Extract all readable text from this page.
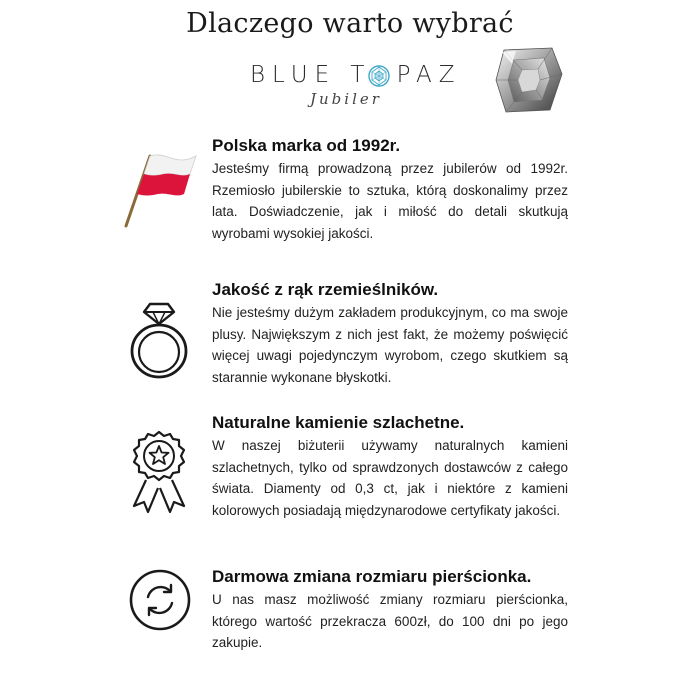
Dlaczego warto wybrać
BLUE T PAZ
Jubiler
Polska marka od 1992r.

Jesteśmy firmą prowadzoną przez jubilerów od 1992r. Rzemiosło jubilerskie to sztuka, którą doskonalimy przez lata. Doświadczenie, jak i miłość do detali skutkują wyrobami wysokiej jakości.

Jakość z rąk rzemieślników.

Nie jesteśmy dużym zakładem produkcyjnym, co ma swoje plusy. Największym z nich jest fakt, że możemy poświęcić więcej uwagi pojedynczym wyrobom, czego skutkiem są starannie wykonane błyskotki.

Naturalne kamienie szlachetne.

W naszej biżuterii używamy naturalnych kamieni szlachetnych, tylko od sprawdzonych dostawców z całego świata. Diamenty od 0,3 ct, jak i niektóre z kamieni kolorowych posiadają międzynarodowe certyfikaty jakości.

Darmowa zmiana rozmiaru pierścionka.

U nas masz możliwość zmiany rozmiaru pierścionka, którego wartość przekracza 600zł, do 100 dni po jego zakupie.
